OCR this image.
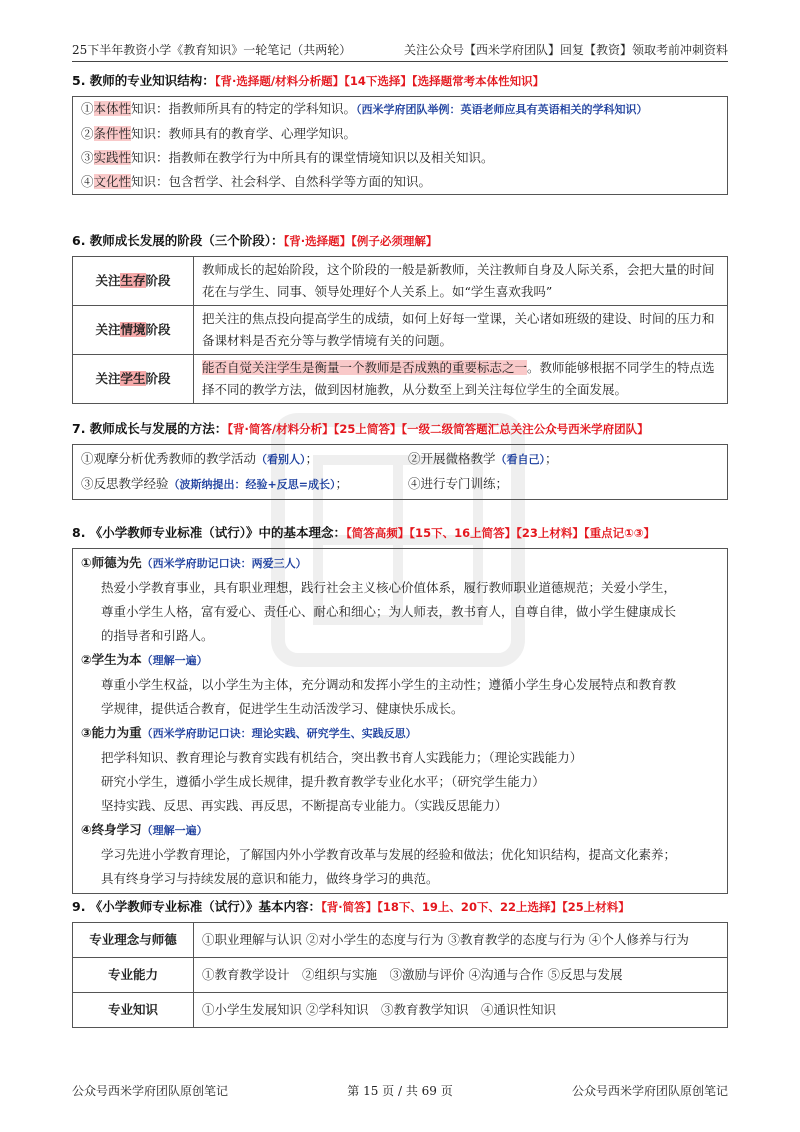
25下半年教资小学《教育知识》一轮笔记（共两轮）	关注公众号【西米学府团队】回复【教资】领取考前冲刺资料
5. 教师的专业知识结构：【背·选择题/材料分析题】【14下选择】【选择题常考本体性知识】
①本体性知识：指教师所具有的特定的学科知识。（西米学府团队举例：英语老师应具有英语相关的学科知识）
②条件性知识：教师具有的教育学、心理学知识。
③实践性知识：指教师在教学行为中所具有的课堂情境知识以及相关知识。
④文化性知识：包含哲学、社会科学、自然科学等方面的知识。
6. 教师成长发展的阶段（三个阶段）：【背·选择题】【例子必须理解】
关注生存阶段	教师成长的起始阶段，这个阶段的一般是新教师，关注教师自身及人际关系，会把大量的时间花在与学生、同事、领导处理好个人关系上。如“学生喜欢我吗”
关注情境阶段	把关注的焦点投向提高学生的成绩，如何上好每一堂课，关心诸如班级的建设、时间的压力和备课材料是否充分等与教学情境有关的问题。
关注学生阶段	能否自觉关注学生是衡量一个教师是否成熟的重要标志之一。教师能够根据不同学生的特点选择不同的教学方法，做到因材施教，从分数至上到关注每位学生的全面发展。
7. 教师成长与发展的方法：【背·简答/材料分析】【25上简答】【一级二级简答题汇总关注公众号西米学府团队】
①观摩分析优秀教师的教学活动（看别人）；	②开展微格教学（看自己）；
③反思教学经验（波斯纳提出：经验+反思=成长）；	④进行专门训练；
8. 《小学教师专业标准（试行）》中的基本理念：【简答高频】【15下、16上简答】【23上材料】【重点记①③】
①师德为先（西米学府助记口诀：两爱三人）
热爱小学教育事业，具有职业理想，践行社会主义核心价值体系，履行教师职业道德规范；关爱小学生，
尊重小学生人格，富有爱心、责任心、耐心和细心；为人师表，教书育人，自尊自律，做小学生健康成长
的指导者和引路人。
②学生为本（理解一遍）
尊重小学生权益，以小学生为主体，充分调动和发挥小学生的主动性；遵循小学生身心发展特点和教育教
学规律，提供适合教育，促进学生生动活泼学习、健康快乐成长。
③能力为重（西米学府助记口诀：理论实践、研究学生、实践反思）
把学科知识、教育理论与教育实践有机结合，突出教书育人实践能力；（理论实践能力）
研究小学生，遵循小学生成长规律，提升教育教学专业化水平；（研究学生能力）
坚持实践、反思、再实践、再反思，不断提高专业能力。（实践反思能力）
④终身学习（理解一遍）
学习先进小学教育理论，了解国内外小学教育改革与发展的经验和做法；优化知识结构，提高文化素养；
具有终身学习与持续发展的意识和能力，做终身学习的典范。
9. 《小学教师专业标准（试行）》基本内容：【背·简答】【18下、19上、20下、22上选择】【25上材料】
专业理念与师德	①职业理解与认识 ②对小学生的态度与行为 ③教育教学的态度与行为 ④个人修养与行为
专业能力	①教育教学设计　②组织与实施　③激励与评价 ④沟通与合作 ⑤反思与发展
专业知识	①小学生发展知识 ②学科知识　③教育教学知识　④通识性知识
公众号西米学府团队原创笔记	第 15 页 / 共 69 页	公众号西米学府团队原创笔记
